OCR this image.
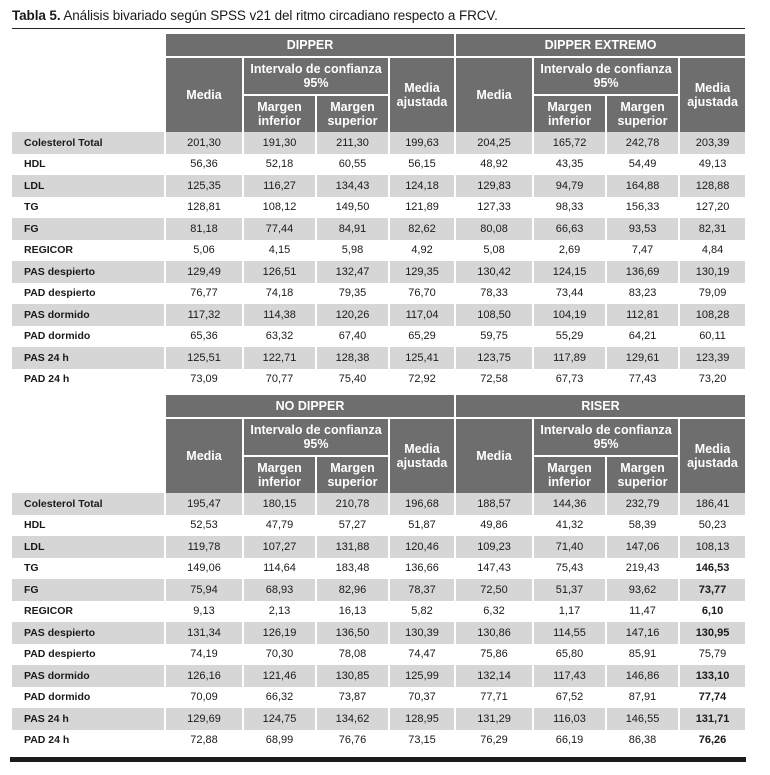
Tabla 5. Análisis bivariado según SPSS v21 del ritmo circadiano respecto a FRCV.
	DIPPER				DIPPER EXTREMO			
	Media	Intervalo de confianza 95%		Media ajustada	Media	Intervalo de confianza 95%		Media ajustada
		Margen inferior	Margen superior			Margen inferior	Margen superior	
Colesterol Total	201,30	191,30	211,30	199,63	204,25	165,72	242,78	203,39
HDL	56,36	52,18	60,55	56,15	48,92	43,35	54,49	49,13
LDL	125,35	116,27	134,43	124,18	129,83	94,79	164,88	128,88
TG	128,81	108,12	149,50	121,89	127,33	98,33	156,33	127,20
FG	81,18	77,44	84,91	82,62	80,08	66,63	93,53	82,31
REGICOR	5,06	4,15	5,98	4,92	5,08	2,69	7,47	4,84
PAS despierto	129,49	126,51	132,47	129,35	130,42	124,15	136,69	130,19
PAD despierto	76,77	74,18	79,35	76,70	78,33	73,44	83,23	79,09
PAS dormido	117,32	114,38	120,26	117,04	108,50	104,19	112,81	108,28
PAD dormido	65,36	63,32	67,40	65,29	59,75	55,29	64,21	60,11
PAS 24 h	125,51	122,71	128,38	125,41	123,75	117,89	129,61	123,39
PAD 24 h	73,09	70,77	75,40	72,92	72,58	67,73	77,43	73,20
	NO DIPPER				RISER			
	Media	Intervalo de confianza 95%		Media ajustada	Media	Intervalo de confianza 95%		Media ajustada
		Margen inferior	Margen superior			Margen inferior	Margen superior	
Colesterol Total	195,47	180,15	210,78	196,68	188,57	144,36	232,79	186,41
HDL	52,53	47,79	57,27	51,87	49,86	41,32	58,39	50,23
LDL	119,78	107,27	131,88	120,46	109,23	71,40	147,06	108,13
TG	149,06	114,64	183,48	136,66	147,43	75,43	219,43	146,53
FG	75,94	68,93	82,96	78,37	72,50	51,37	93,62	73,77
REGICOR	9,13	2,13	16,13	5,82	6,32	1,17	11,47	6,10
PAS despierto	131,34	126,19	136,50	130,39	130,86	114,55	147,16	130,95
PAD despierto	74,19	70,30	78,08	74,47	75,86	65,80	85,91	75,79
PAS dormido	126,16	121,46	130,85	125,99	132,14	117,43	146,86	133,10
PAD dormido	70,09	66,32	73,87	70,37	77,71	67,52	87,91	77,74
PAS 24 h	129,69	124,75	134,62	128,95	131,29	116,03	146,55	131,71
PAD 24 h	72,88	68,99	76,76	73,15	76,29	66,19	86,38	76,26
